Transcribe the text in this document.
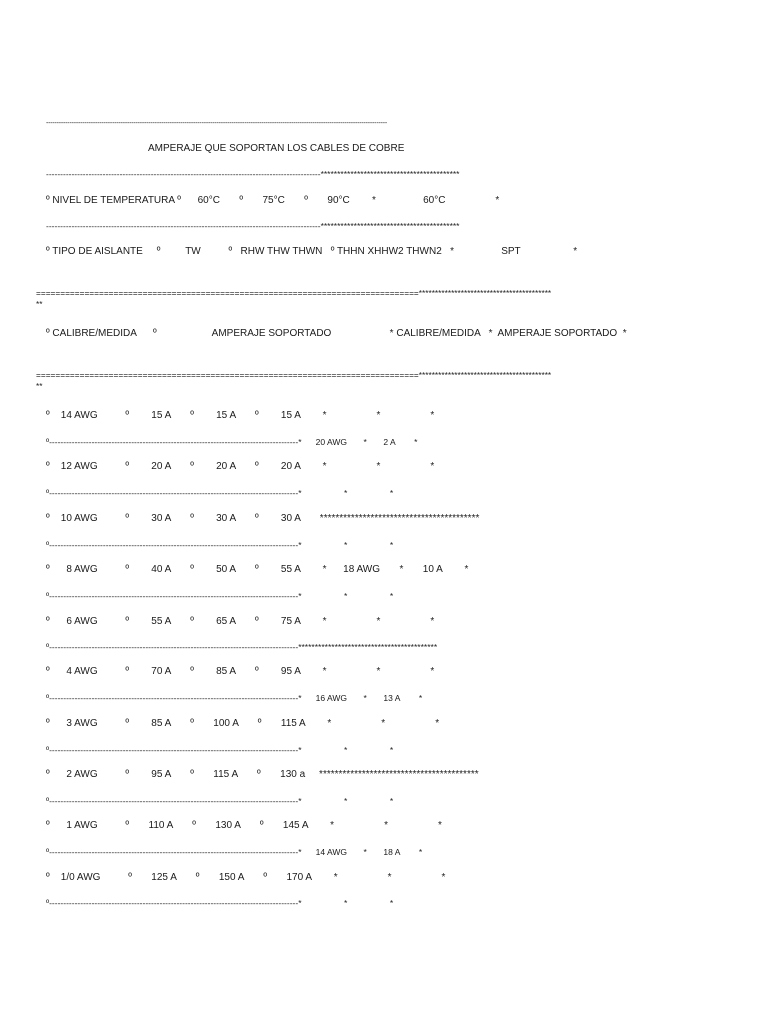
----------------------------------------------------------------------------------------------------------------------------------------------------------------
AMPERAJE QUE SOPORTAN LOS CABLES DE COBRE
-------------------------------------------------------------------------------------------------******************************************
º NIVEL DE TEMPERATURA º      60°C       º       75°C       º       90°C        *                 60°C                  *
-------------------------------------------------------------------------------------------------******************************************
º TIPO DE AISLANTE     º         TW          º   RHW THW THWN   º THHN XHHW2 THWN2   *                 SPT                   *
===============================================================================*****************************************
**
º CALIBRE/MEDIDA      º                    AMPERAJE SOPORTADO                     * CALIBRE/MEDIDA   *  AMPERAJE SOPORTADO  *
===============================================================================*****************************************
**
º    14 AWG          º        15 A       º        15 A       º        15 A        *                  *                  *
º----------------------------------------------------------------------------------------*      20 AWG       *       2 A        *
º    12 AWG          º        20 A       º        20 A       º        20 A        *                  *                  *
º----------------------------------------------------------------------------------------*                  *                  *
º    10 AWG          º        30 A       º        30 A       º        30 A       *****************************************
º----------------------------------------------------------------------------------------*                  *                  *
º      8 AWG          º        40 A       º        50 A       º        55 A        *      18 AWG       *       10 A        *
º----------------------------------------------------------------------------------------*                  *                  *
º      6 AWG          º        55 A       º        65 A       º        75 A        *                  *                  *
º----------------------------------------------------------------------------------------******************************************
º      4 AWG          º        70 A       º        85 A       º        95 A        *                  *                  *
º----------------------------------------------------------------------------------------*      16 AWG       *       13 A        *
º      3 AWG          º        85 A       º       100 A       º       115 A        *                  *                  *
º----------------------------------------------------------------------------------------*                  *                  *
º      2 AWG          º        95 A       º       115 A       º       130 a     *****************************************
º----------------------------------------------------------------------------------------*                  *                  *
º      1 AWG          º       110 A       º       130 A       º       145 A        *                  *                  *
º----------------------------------------------------------------------------------------*      14 AWG       *       18 A        *
º    1/0 AWG          º       125 A       º       150 A       º       170 A        *                  *                  *
º----------------------------------------------------------------------------------------*                  *                  *
